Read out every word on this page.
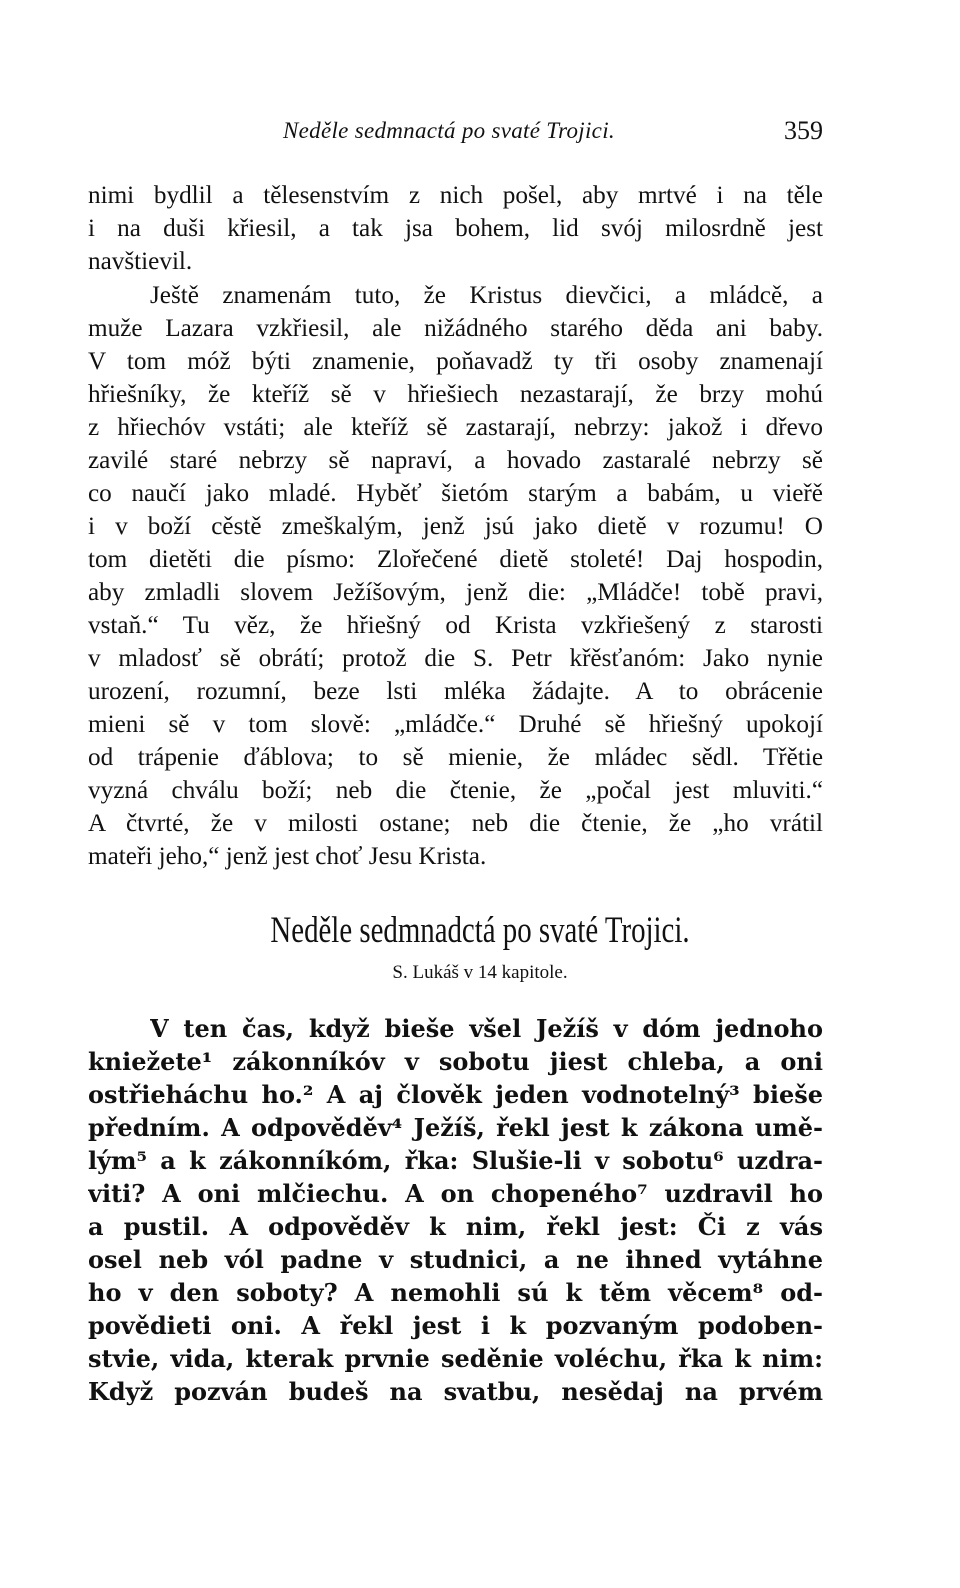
Neděle sedmnactá po svaté Trojici.	359
nimi bydlil a tělesenstvím z nich pošel, aby mrtvé i na těle
i na duši křiesil, a tak jsa bohem, lid svój milosrdně jest
navštievil.
Ještě znamenám tuto, že Kristus dievčici, a mládcě, a
muže Lazara vzkřiesil, ale nižádného starého děda ani baby.
V tom móž býti znamenie, poňavadž ty tři osoby znamenají
hřiešníky, že kteříž sě v hřiešiech nezastarají, že brzy mohú
z hřiechóv vstáti; ale kteříž sě zastarají, nebrzy: jakož i dřevo
zavilé staré nebrzy sě napraví, a hovado zastaralé nebrzy sě
co naučí jako mladé. Hyběť šietóm starým a babám, u vieřě
i v boží cěstě zmeškalým, jenž jsú jako dietě v rozumu! O
tom dietěti die písmo: Zlořečené dietě stoleté! Daj hospodin,
aby zmladli slovem Ježíšovým, jenž die: „Mládče! tobě pravi,
vstaň.“ Tu věz, že hřiešný od Krista vzkřiešený z starosti
v mladosť sě obrátí; protož die S. Petr křěsťanóm: Jako nynie
urození, rozumní, beze lsti mléka žádajte. A to obrácenie
mieni sě v tom slově: „mládče.“ Druhé sě hřiešný upokojí
od trápenie ďáblova; to sě mienie, že mládec sědl. Třětie
vyzná chválu boží; neb die čtenie, že „počal jest mluviti.“
A čtvrté, že v milosti ostane; neb die čtenie, že „ho vrátil
mateři jeho,“ jenž jest choť Jesu Krista.
Neděle sedmnadctá po svaté Trojici.
S. Lukáš v 14 kapitole.
V ten čas, když bieše všel Ježíš v dóm jednoho
kniežete¹ zákonníkóv v sobotu jiest chleba, a oni
ostřieháchu ho.² A aj člověk jeden vodnotelný³ bieše
předním. A odpověděv⁴ Ježíš, řekl jest k zákona umě-
lým⁵ a k zákonníkóm, řka: Slušie-li v sobotu⁶ uzdra-
viti? A oni mlčiechu. A on chopeného⁷ uzdravil ho
a pustil. A odpověděv k nim, řekl jest: Či z vás
osel neb vól padne v studnici, a ne ihned vytáhne
ho v den soboty? A nemohli sú k těm věcem⁸ od-
povědieti oni. A řekl jest i k pozvaným podoben-
stvie, vida, kterak prvnie seděnie voléchu, řka k nim:
Když pozván budeš na svatbu, nesědaj na prvém
